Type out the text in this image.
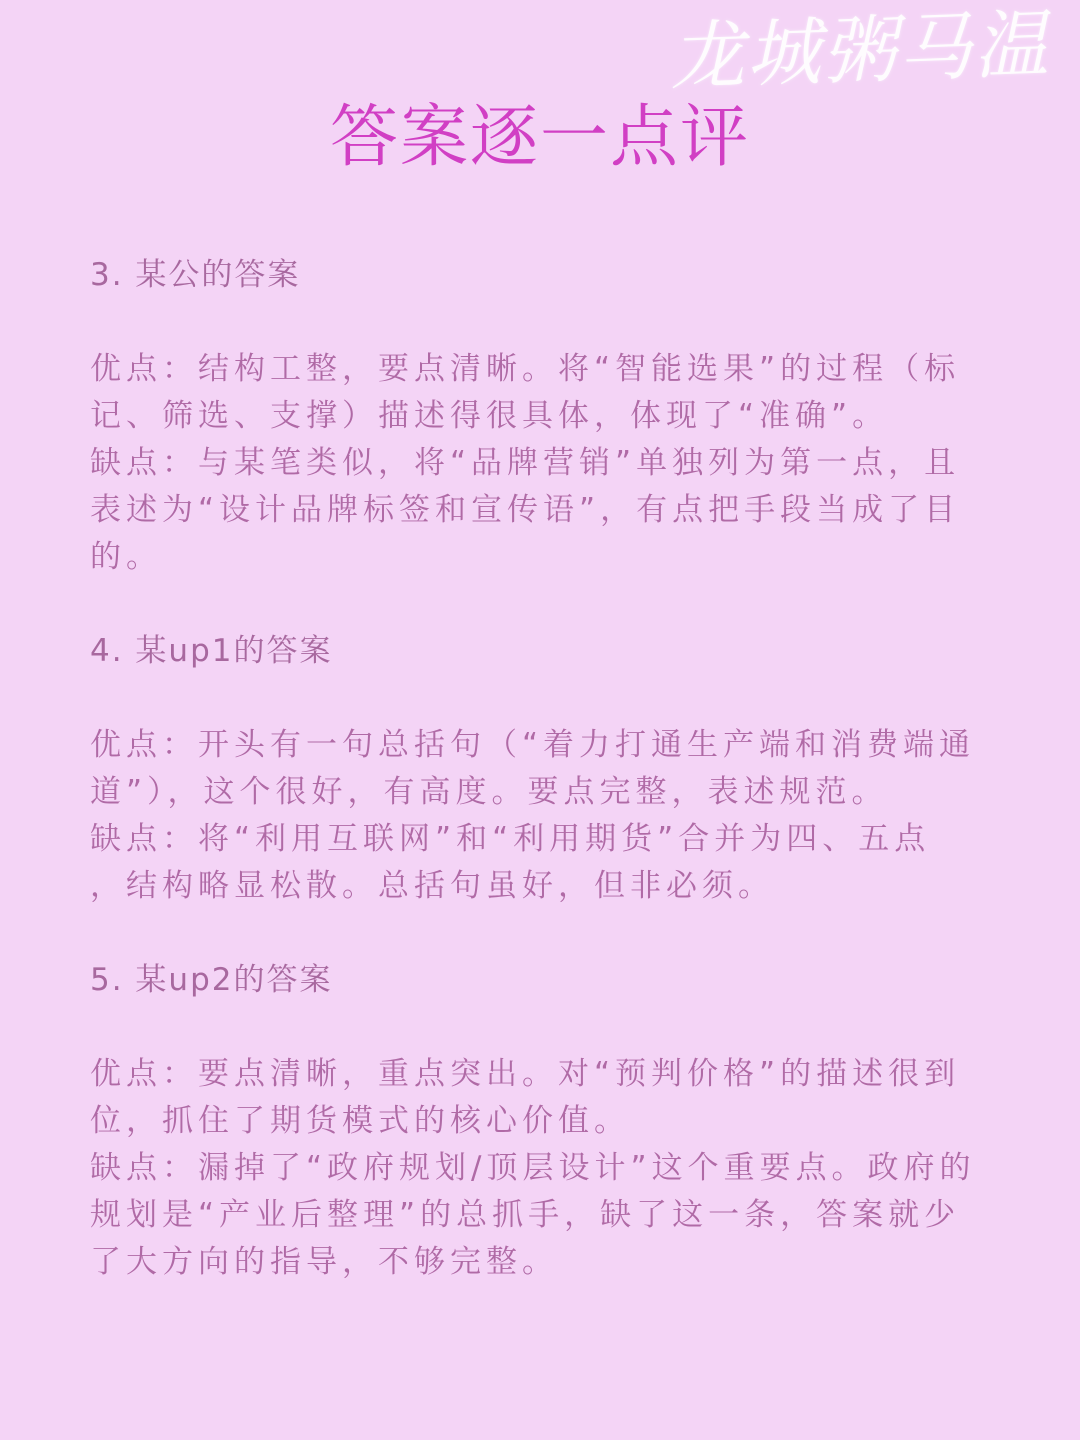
龙城粥马温
答案逐一点评
3. 某公的答案
优点：结构工整，要点清晰。将“智能选果”的过程（标
记、筛选、支撑）描述得很具体，体现了“准确”。
缺点：与某笔类似，将“品牌营销”单独列为第一点，且
表述为“设计品牌标签和宣传语”，有点把手段当成了目
的。
4. 某up1的答案
优点：开头有一句总括句（“着力打通生产端和消费端通
道”），这个很好，有高度。要点完整，表述规范。
缺点：将“利用互联网”和“利用期货”合并为四、五点
，结构略显松散。总括句虽好，但非必须。
5. 某up2的答案
优点：要点清晰，重点突出。对“预判价格”的描述很到
位，抓住了期货模式的核心价值。
缺点：漏掉了“政府规划/顶层设计”这个重要点。政府的
规划是“产业后整理”的总抓手，缺了这一条，答案就少
了大方向的指导，不够完整。
